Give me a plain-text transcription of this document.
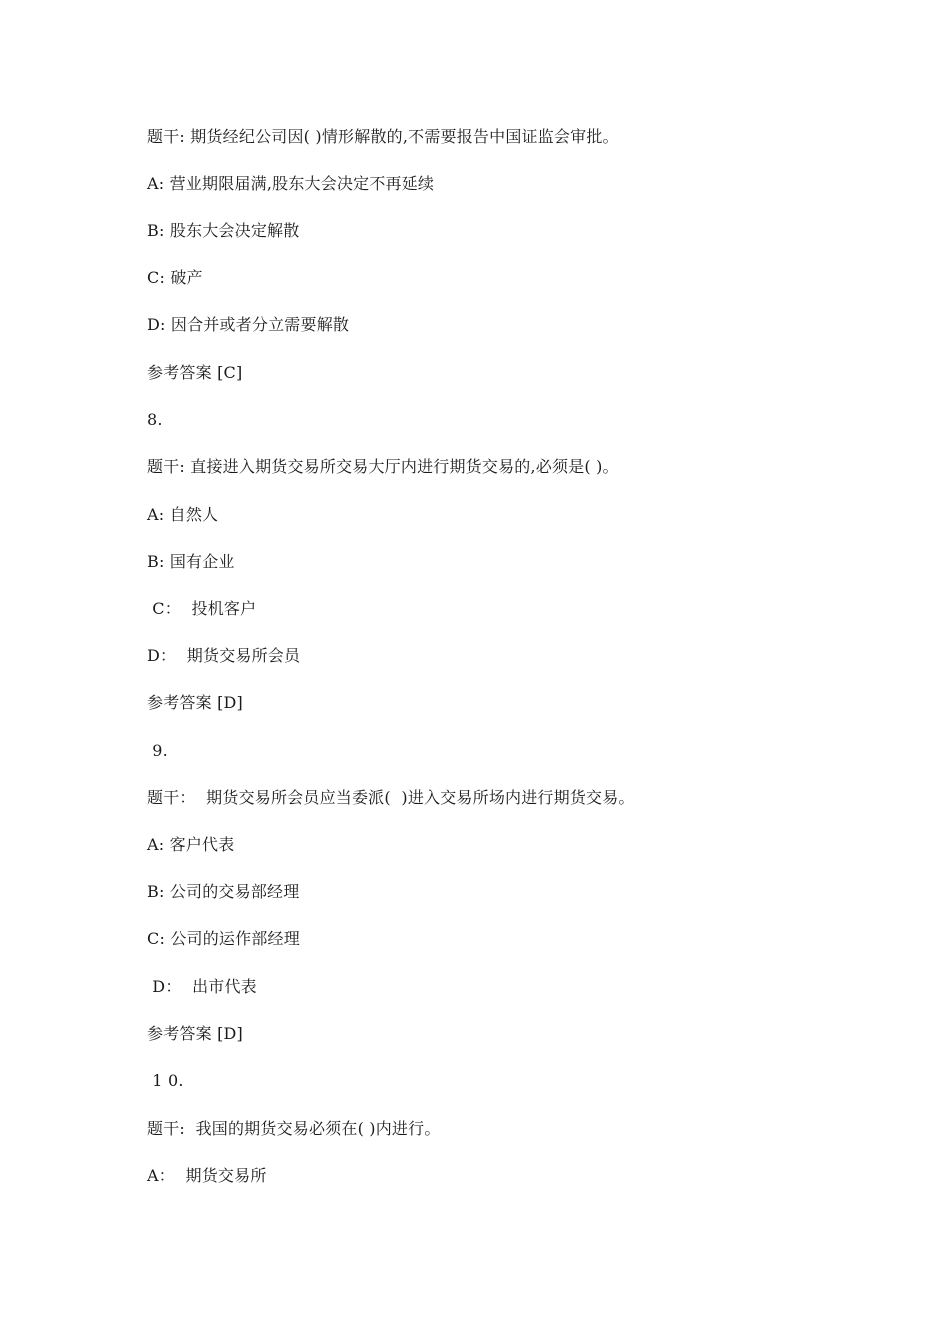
题干: 期货经纪公司因( )情形解散的,不需要报告中国证监会审批。
A: 营业期限届满,股东大会决定不再延续
B: 股东大会决定解散
C: 破产
D: 因合并或者分立需要解散
参考答案 [C]
8.
题干: 直接进入期货交易所交易大厅内进行期货交易的,必须是( )。
A: 自然人
B: 国有企业
C：  投机客户
D：  期货交易所会员
参考答案 [D]
9.
题干：  期货交易所会员应当委派(  )进入交易所场内进行期货交易。
A: 客户代表
B: 公司的交易部经理
C: 公司的运作部经理
D：  出市代表
参考答案 [D]
1 0.
题干:  我国的期货交易必须在( )内进行。
A：  期货交易所
